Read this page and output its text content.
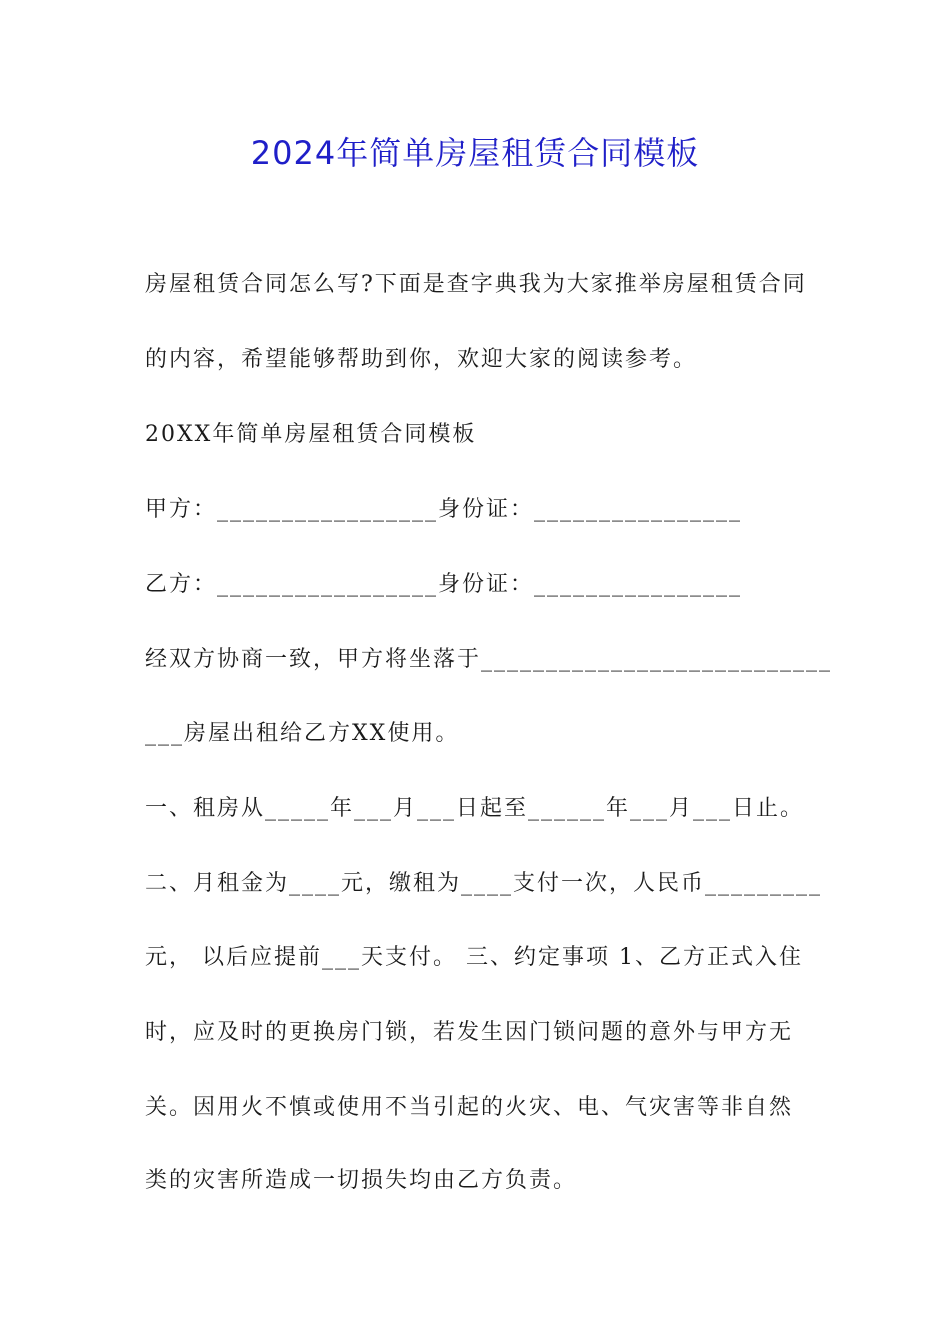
2024年简单房屋租赁合同模板
房屋租赁合同怎么写?下面是查字典我为大家推举房屋租赁合同
的内容，希望能够帮助到你，欢迎大家的阅读参考。
20XX年简单房屋租赁合同模板
甲方：_________________身份证：________________
乙方：_________________身份证：________________
经双方协商一致，甲方将坐落于___________________________
___房屋出租给乙方XX使用。
一、租房从_____年___月___日起至______年___月___日止。
二、月租金为____元，缴租为____支付一次，人民币_________
元， 以后应提前___天支付。 三、约定事项 1、乙方正式入住
时，应及时的更换房门锁，若发生因门锁问题的意外与甲方无
关。因用火不慎或使用不当引起的火灾、电、气灾害等非自然
类的灾害所造成一切损失均由乙方负责。
